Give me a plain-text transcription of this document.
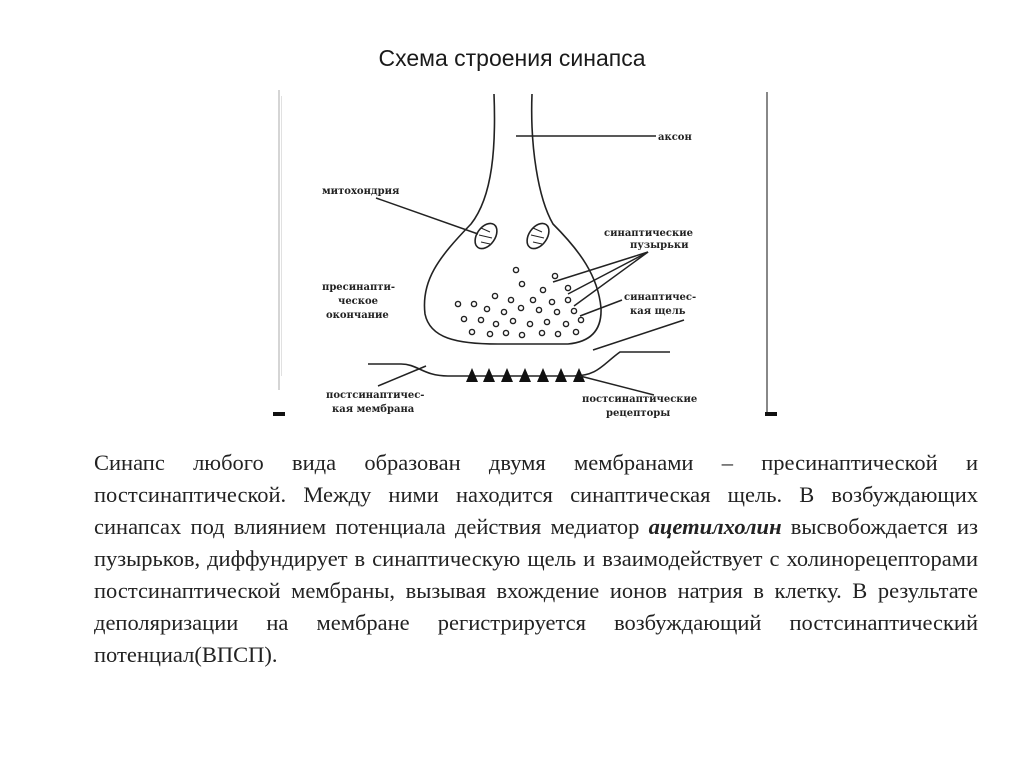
Схема строения синапса
аксон
митохондрия
синаптические
пузырьки
пресинапти-
ческое
окончание
синаптичес-
кая щель
постсинаптичес-
кая мембрана
постсинаптические
рецепторы
Синапс любого вида образован двумя мембранами – пресинаптической и постсинаптической. Между ними находится синаптическая щель. В возбуждающих синапсах под влиянием потенциала действия медиатор ацетилхолин высвобождается из пузырьков, диффундирует в синаптическую щель и взаимодействует с холинорецепторами постсинаптической мембраны, вызывая вхождение ионов натрия в клетку. В результате деполяризации на мембране регистрируется возбуждающий постсинаптический потенциал(ВПСП).
